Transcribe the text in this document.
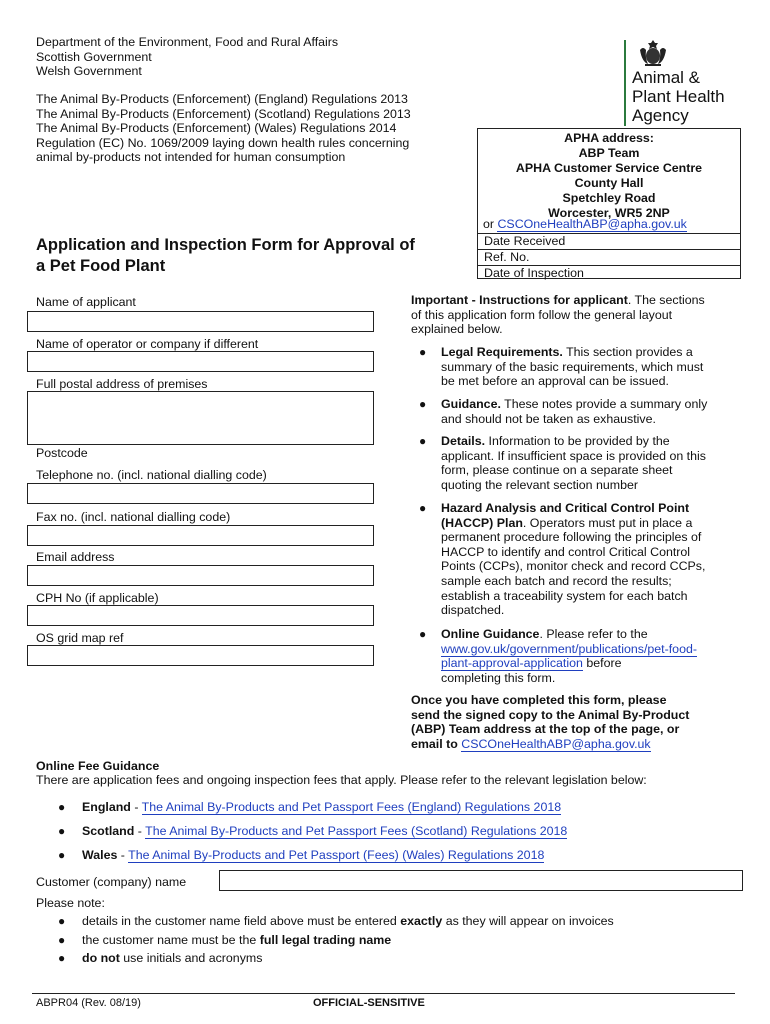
Department of the Environment, Food and Rural Affairs
Scottish Government
Welsh Government
The Animal By-Products (Enforcement) (England) Regulations 2013
The Animal By-Products (Enforcement) (Scotland) Regulations 2013
The Animal By-Products (Enforcement) (Wales) Regulations 2014
Regulation (EC) No. 1069/2009 laying down health rules concerning
animal by-products not intended for human consumption
Animal &
Plant Health
Agency
APHA address:
ABP Team
APHA Customer Service Centre
County Hall
Spetchley Road
Worcester, WR5 2NP
or CSCOneHealthABP@apha.gov.uk
Date Received
Ref. No.
Date of Inspection
Application and Inspection Form for Approval of
a Pet Food Plant
Name of applicant
Name of operator or company if different
Full postal address of premises
Postcode
Telephone no. (incl. national dialling code)
Fax no. (incl. national dialling code)
Email address
CPH No (if applicable)
OS grid map ref
Important - Instructions for applicant. The sections
of this application form follow the general layout
explained below.
● Legal Requirements. This section provides a
summary of the basic requirements, which must
be met before an approval can be issued.
● Guidance. These notes provide a summary only
and should not be taken as exhaustive.
● Details. Information to be provided by the
applicant. If insufficient space is provided on this
form, please continue on a separate sheet
quoting the relevant section number
● Hazard Analysis and Critical Control Point
(HACCP) Plan. Operators must put in place a
permanent procedure following the principles of
HACCP to identify and control Critical Control
Points (CCPs), monitor check and record CCPs,
sample each batch and record the results;
establish a traceability system for each batch
dispatched.
● Online Guidance. Please refer to the
www.gov.uk/government/publications/pet-food-
plant-approval-application before
completing this form.
Once you have completed this form, please
send the signed copy to the Animal By-Product
(ABP) Team address at the top of the page, or
email to CSCOneHealthABP@apha.gov.uk
Online Fee Guidance
There are application fees and ongoing inspection fees that apply. Please refer to the relevant legislation below:
● England - The Animal By-Products and Pet Passport Fees (England) Regulations 2018
● Scotland - The Animal By-Products and Pet Passport Fees (Scotland) Regulations 2018
● Wales - The Animal By-Products and Pet Passport (Fees) (Wales) Regulations 2018
Customer (company) name
Please note:
● details in the customer name field above must be entered exactly as they will appear on invoices
● the customer name must be the full legal trading name
● do not use initials and acronyms
ABPR04 (Rev. 08/19)	OFFICIAL-SENSITIVE
